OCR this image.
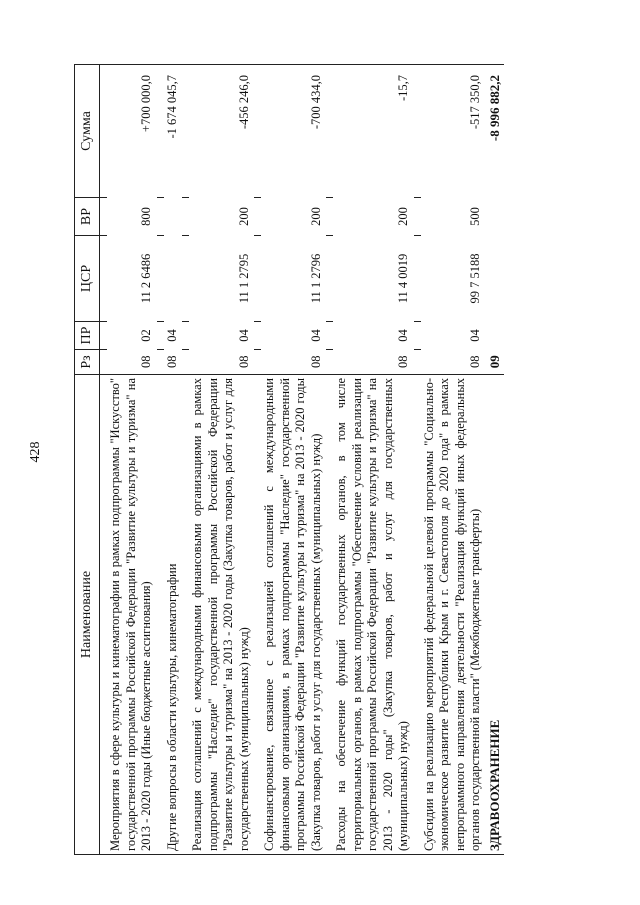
428
Наименование	Рз	ПР	ЦСР	ВР	Сумма

Мероприятия в сфере культуры и кинематографии в рамках подпрограммы "Искусство" государственной программы Российской Федерации "Развитие культуры и туризма" на 2013 - 2020 годы (Иные бюджетные ассигнования)	08	02	11 2 6486	800	+700 000,0

Другие вопросы в области культуры, кинематографии	08	04			-1 674 045,7

Реализация соглашений с международными финансовыми организациями в рамках подпрограммы "Наследие" государственной программы Российской Федерации "Развитие культуры и туризма" на 2013 - 2020 годы (Закупка товаров, работ и услуг для государственных (муниципальных) нужд)	08	04	11 1 2795	200	-456 246,0

Софинансирование, связанное с реализацией соглашений с международными финансовыми организациями, в рамках подпрограммы "Наследие" государственной программы Российской Федерации "Развитие культуры и туризма" на 2013 - 2020 годы (Закупка товаров, работ и услуг для государственных (муниципальных) нужд)	08	04	11 1 2796	200	-700 434,0

Расходы на обеспечение функций государственных органов, в том числе территориальных органов, в рамках подпрограммы "Обеспечение условий реализации государственной программы Российской Федерации "Развитие культуры и туризма" на 2013 - 2020 годы" (Закупка товаров, работ и услуг для государственных (муниципальных) нужд)	08	04	11 4 0019	200	-15,7

Субсидии на реализацию мероприятий федеральной целевой программы "Социально-экономическое развитие Республики Крым и г. Севастополя до 2020 года" в рамках непрограммного направления деятельности "Реализация функций иных федеральных органов государственной власти" (Межбюджетные трансферты)	08	04	99 7 5188	500	-517 350,0
ЗДРАВООХРАНЕНИЕ	09				-8 996 882,2
